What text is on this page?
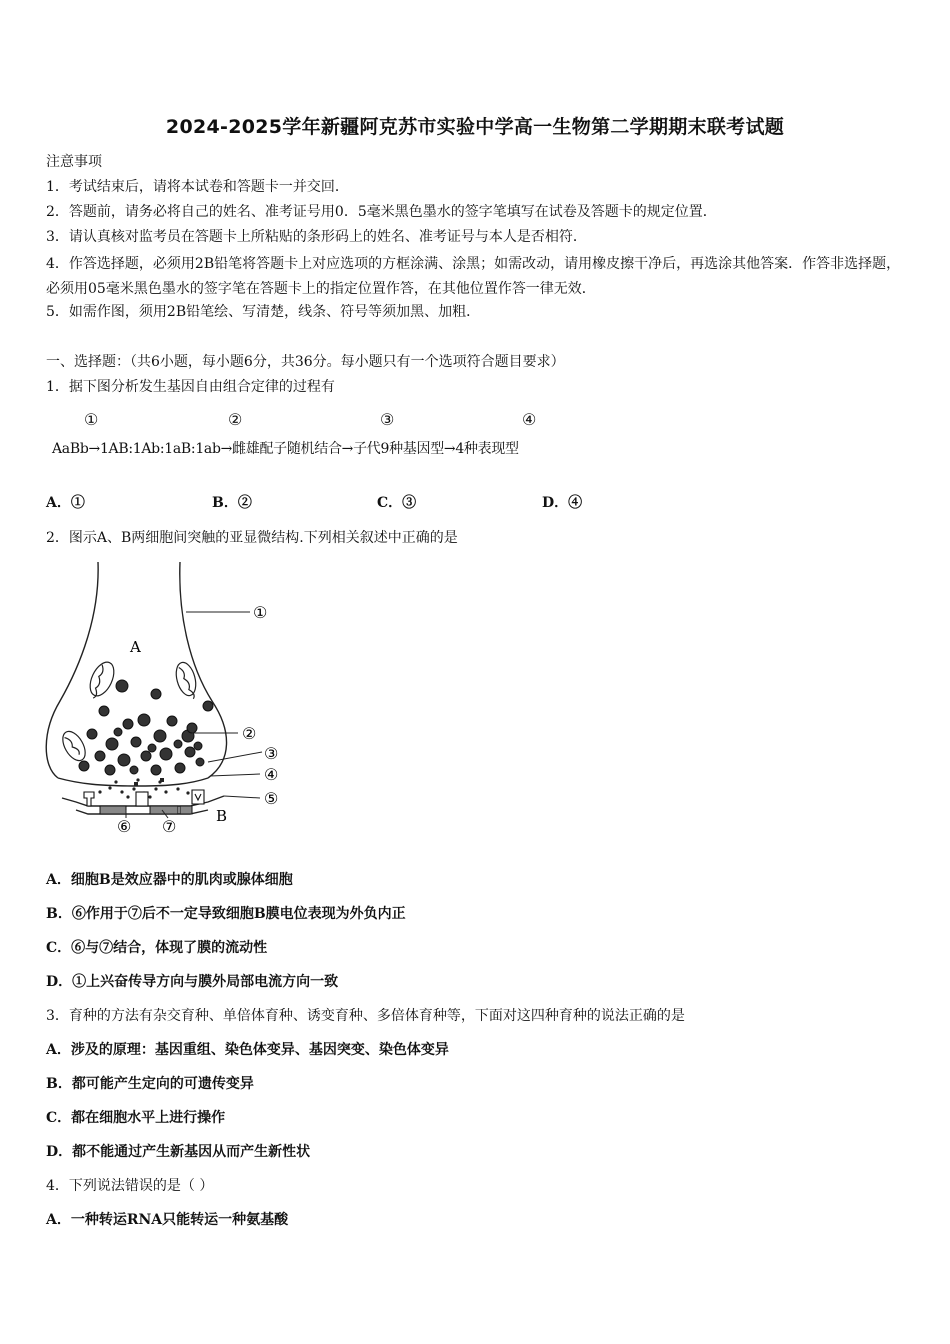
2024-2025学年新疆阿克苏市实验中学高一生物第二学期期末联考试题
注意事项
1．考试结束后，请将本试卷和答题卡一并交回．
2．答题前，请务必将自己的姓名、准考证号用0．5毫米黑色墨水的签字笔填写在试卷及答题卡的规定位置．
3．请认真核对监考员在答题卡上所粘贴的条形码上的姓名、准考证号与本人是否相符．
4．作答选择题，必须用2B铅笔将答题卡上对应选项的方框涂满、涂黑；如需改动，请用橡皮擦干净后，再选涂其他答案．作答非选择题，必须用05毫米黑色墨水的签字笔在答题卡上的指定位置作答，在其他位置作答一律无效．
5．如需作图，须用2B铅笔绘、写清楚，线条、符号等须加黑、加粗．
一、选择题：（共6小题，每小题6分，共36分。每小题只有一个选项符合题目要求）
1．据下图分析发生基因自由组合定律的过程有
①	②	③	④
AaBb→1AB:1Ab:1aB:1ab→雌雄配子随机结合→子代9种基因型→4种表现型
A．①	B．②	C．③	D．④
2．图示A、B两细胞间突触的亚显微结构.下列相关叙述中正确的是
A
B
①
②
③
④
⑤
⑥ ⑦
A．细胞B是效应器中的肌肉或腺体细胞
B．⑥作用于⑦后不一定导致细胞B膜电位表现为外负内正
C．⑥与⑦结合，体现了膜的流动性
D．①上兴奋传导方向与膜外局部电流方向一致
3．育种的方法有杂交育种、单倍体育种、诱变育种、多倍体育种等，下面对这四种育种的说法正确的是
A．涉及的原理：基因重组、染色体变异、基因突变、染色体变异
B．都可能产生定向的可遗传变异
C．都在细胞水平上进行操作
D．都不能通过产生新基因从而产生新性状
4．下列说法错误的是（ ）
A．一种转运RNA只能转运一种氨基酸
